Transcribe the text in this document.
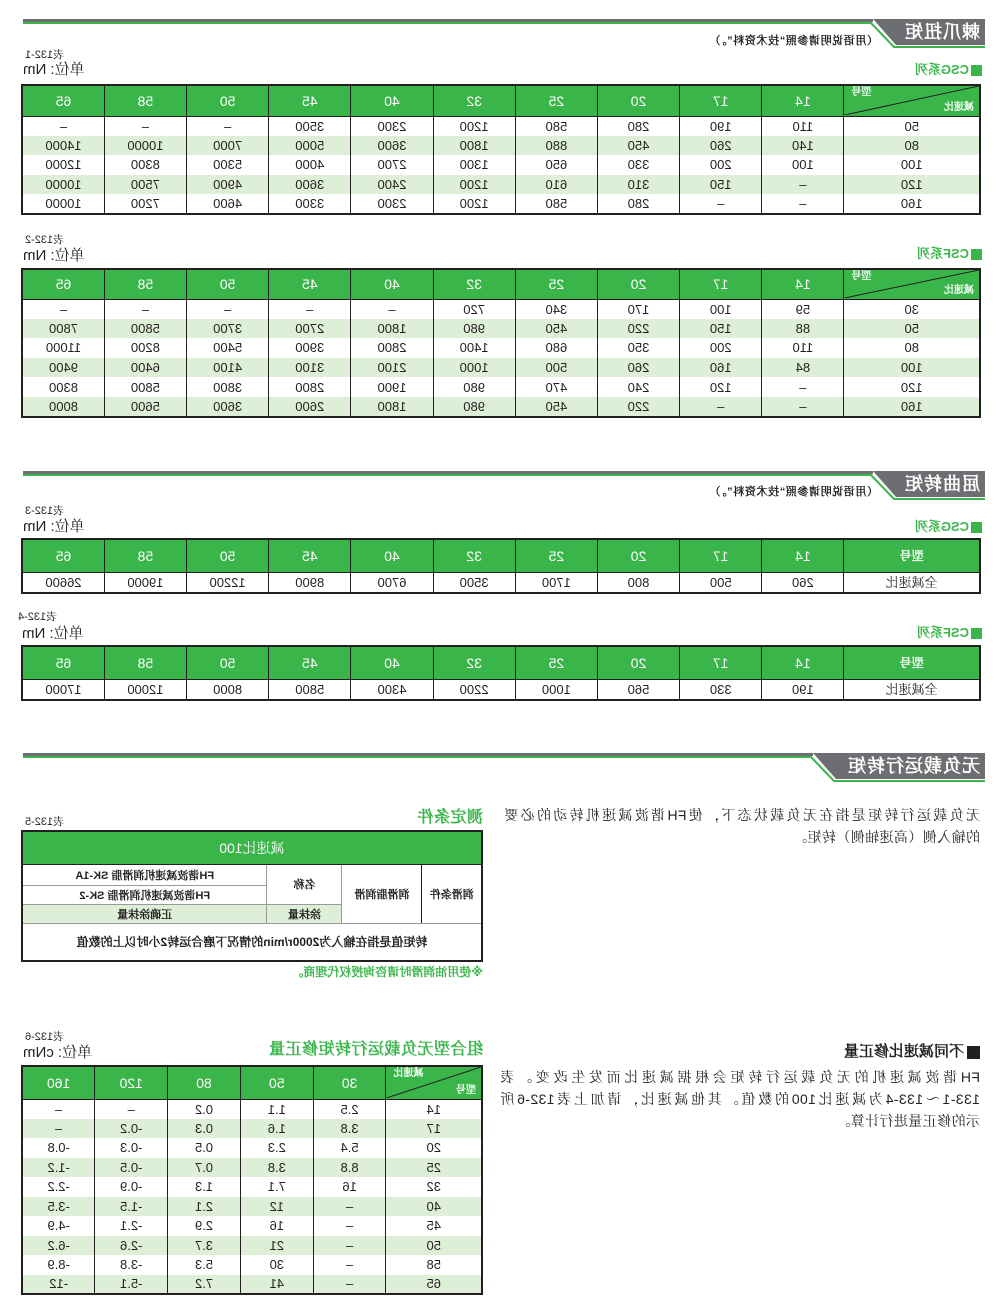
棘爪扭矩
（用语说明请参照“技术资料”。）
CSG系列
表132-1
单位: Nm
型号
减速比	14	17	20	25	32	40	45	50	58	65
50	110	190	280	580	1200	2300	3500	–	–	–
80	140	260	450	880	1800	3600	5000	7000	10000	14000
100	100	200	330	650	1300	2700	4000	5300	8300	12000
120	–	150	310	610	1200	2400	3600	4900	7500	10000
160	–	–	280	580	1200	2300	3300	4600	7200	10000
CSF系列
表132-2
单位: Nm
型号
减速比	14	17	20	25	32	40	45	50	58	65
30	59	100	170	340	720	–	–	–	–	–
50	88	150	220	450	980	1800	2700	3700	5800	7800
80	110	200	350	680	1400	2800	3900	5400	8200	11000
100	84	160	260	500	1000	2100	3100	4100	6400	9400
120	–	120	240	470	980	1900	2800	3800	5800	8300
160	–	–	220	450	980	1800	2600	3600	5600	8000
屈曲转矩
（用语说明请参照“技术资料”。）
CSG系列
表132-3
单位: Nm
型号	14	17	20	25	32	40	45	50	58	65
全减速比	260	500	800	1700	3500	6700	8900	12200	19000	26600
CSF系列
表132-4
单位: Nm
型号	14	17	20	25	32	40	45	50	58	65
全减速比	190	330	560	1000	2200	4300	5800	8000	12000	17000
无负载运行转矩
无负载运行转矩是指在无负载状态下，使FH谐波减速机转动的必要
的输入侧（高速轴侧）转矩。
测定条件
表132-5
减速比100			
润滑条件	润滑脂润滑	名称	FH谐波减速机润滑脂 SK-1A
			FH谐波减速机润滑脂 SK-2
		涂抹量	正确涂抹量
转矩值是指在输入为2000r/min的情况下磨合运转2小时以上的数值			
※使用油润滑时请咨询授权代理商。
不同减速比修正量
FH谐波减速机的无负载运行转矩会根据减速比而发生改变。表
133-1～133-4为减速比100的数值。其他减速比，请加上表132-6所
示的修正量进行计算。
组合型无负载运行转矩修正量
表132-6
单位: cNm
减速比
型号	30	50	80	120	160
14	2.5	1.1	0.2	–	–
17	3.8	1.6	0.3	-0.2	–
20	5.4	2.3	0.5	-0.3	-0.8
25	8.8	3.8	0.7	-0.5	-1.2
32	16	7.1	1.3	-0.9	-2.2
40	–	12	2.1	-1.5	-3.5
45	–	16	2.9	-2.1	-4.9
50	–	21	3.7	-2.6	-6.2
58	–	30	5.3	-3.8	-8.9
65	–	41	7.2	-5.1	-12
